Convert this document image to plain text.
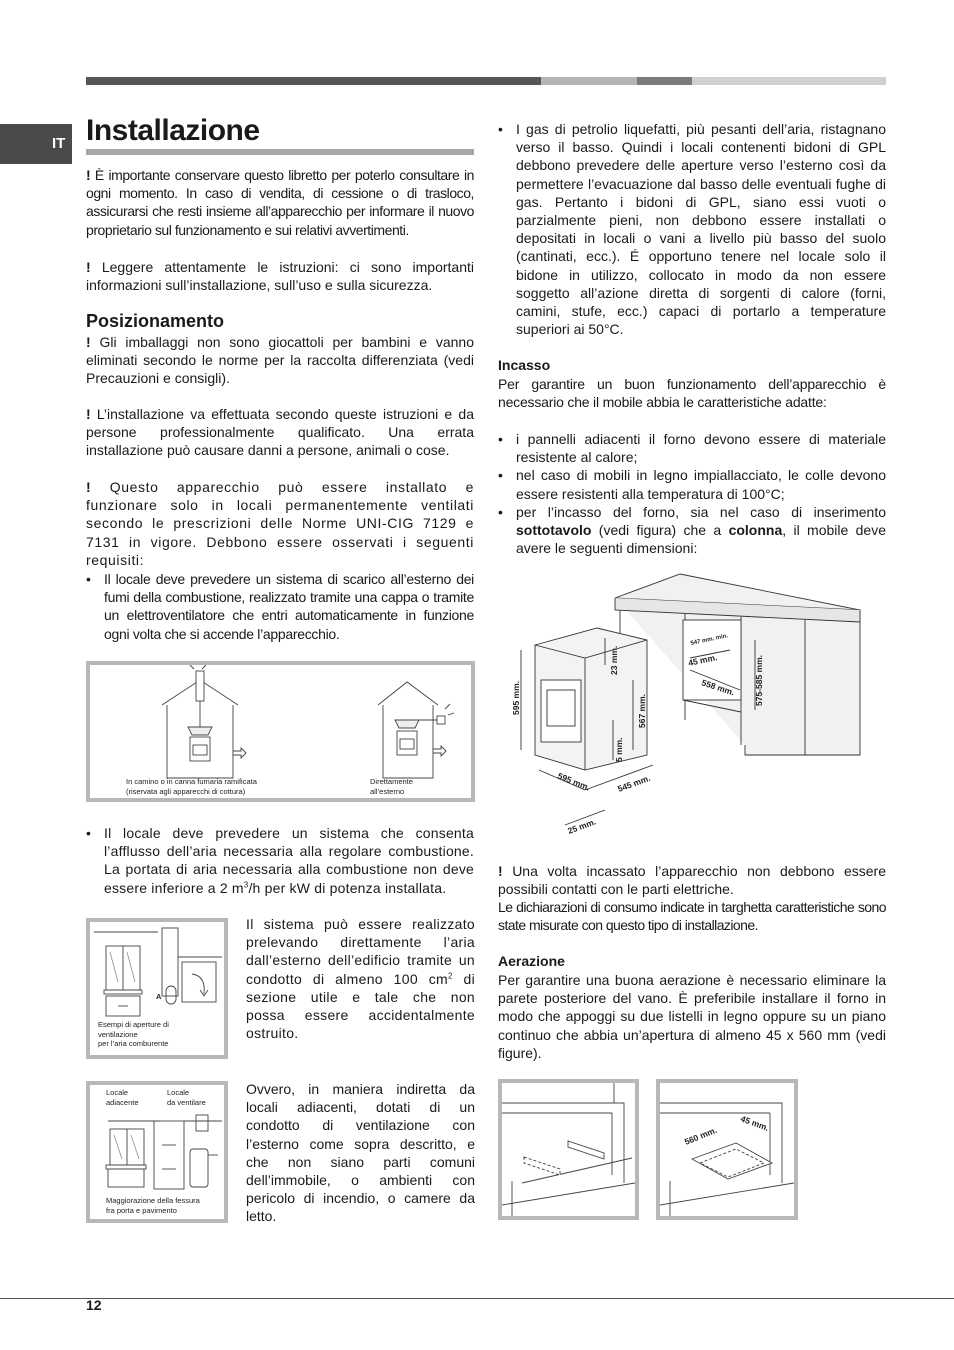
IT Installazione
! È importante conservare questo libretto per poterlo consultare in ogni momento. In caso di vendita, di cessione o di trasloco, assicurarsi che resti insieme all’apparecchio per informare il nuovo proprietario sul funzionamento e sui relativi avvertimenti.
! Leggere attentamente le istruzioni: ci sono importanti informazioni sull’installazione, sull’uso e sulla sicurezza.
Posizionamento
! Gli imballaggi non sono giocattoli per bambini e vanno eliminati secondo le norme per la raccolta differenziata (vedi Precauzioni e consigli).
! L’installazione va effettuata secondo queste istruzioni e da persone professionalmente qualificato. Una errata installazione può causare danni a persone, animali o cose.
! Questo apparecchio può essere installato e funzionare solo in locali permanentemente ventilati secondo le prescrizioni delle Norme UNI-CIG 7129 e 7131 in vigore. Debbono essere osservati i seguenti requisiti:
• Il locale deve prevedere un sistema di scarico all’esterno dei fumi della combustione, realizzato tramite una cappa o tramite un elettroventilatore che entri automaticamente in funzione ogni volta che si accende l’apparecchio.
In camino o in canna fumaria ramificata
(riservata agli apparecchi di cottura)
Direttamente
all’esterno
• Il locale deve prevedere un sistema che consenta l’afflusso dell’aria necessaria alla regolare combustione. La portata di aria necessaria alla combustione non deve essere inferiore a 2 $m^3/h$ per kW di potenza installata.
A
Esempi di aperture di
ventilazione
per l’aria comburente
Il sistema può essere realizzato prelevando direttamente l’aria dall’esterno dell’edificio tramite un condotto di almeno 100 $cm^2$ di sezione utile e tale che non possa essere accidentalmente ostruito.
Locale
adiacente
Locale
da ventilare
Maggiorazione della fessura
fra porta e pavimento
Ovvero, in maniera indiretta da locali adiacenti, dotati di un condotto di ventilazione con l’esterno come sopra descritto, e che non siano parti comuni dell’immobile, o ambienti con pericolo di incendio, o camere da letto.
• I gas di petrolio liquefatti, più pesanti dell’aria, ristagnano verso il basso. Quindi i locali contenenti bidoni di GPL debbono prevedere delle aperture verso l’esterno così da permettere l’evacuazione dal basso delle eventuali fughe di gas. Pertanto i bidoni di GPL, siano essi vuoti o parzialmente pieni, non debbono essere installati o depositati in locali o vani a livello più basso del suolo (cantinati, ecc.). É opportuno tenere nel locale solo il bidone in utilizzo, collocato in modo da non essere soggetto all’azione diretta di sorgenti di calore (forni, camini, stufe, ecc.) capaci di portarlo a temperature superiori ai 50°C.
Incasso
Per garantire un buon funzionamento dell’apparecchio è necessario che il mobile abbia le caratteristiche adatte:
• i pannelli adiacenti il forno devono essere di materiale resistente al calore;
• nel caso di mobili in legno impiallacciato, le colle devono essere resistenti alla temperatura di 100°C;
• per l’incasso del forno, sia nel caso di inserimento sottotavolo (vedi figura) che a colonna, il mobile deve avere le seguenti dimensioni:
595 mm.
23 mm.
567 mm.
5 mm.
595 mm.	545 mm.
25 mm.
547 mm. min.
45 mm.
558 mm. 575-585 mm.
! Una volta incassato l’apparecchio non debbono essere possibili contatti con le parti elettriche.
Le dichiarazioni di consumo indicate in targhetta caratteristiche sono state misurate con questo tipo di installazione.
Aerazione
Per garantire una buona aerazione è necessario eliminare la parete posteriore del vano. È preferibile installare il forno in modo che appoggi su due listelli in legno oppure su un piano continuo che abbia un’apertura di almeno 45 x 560 mm (vedi figure).
560 mm.
45 mm.
12
